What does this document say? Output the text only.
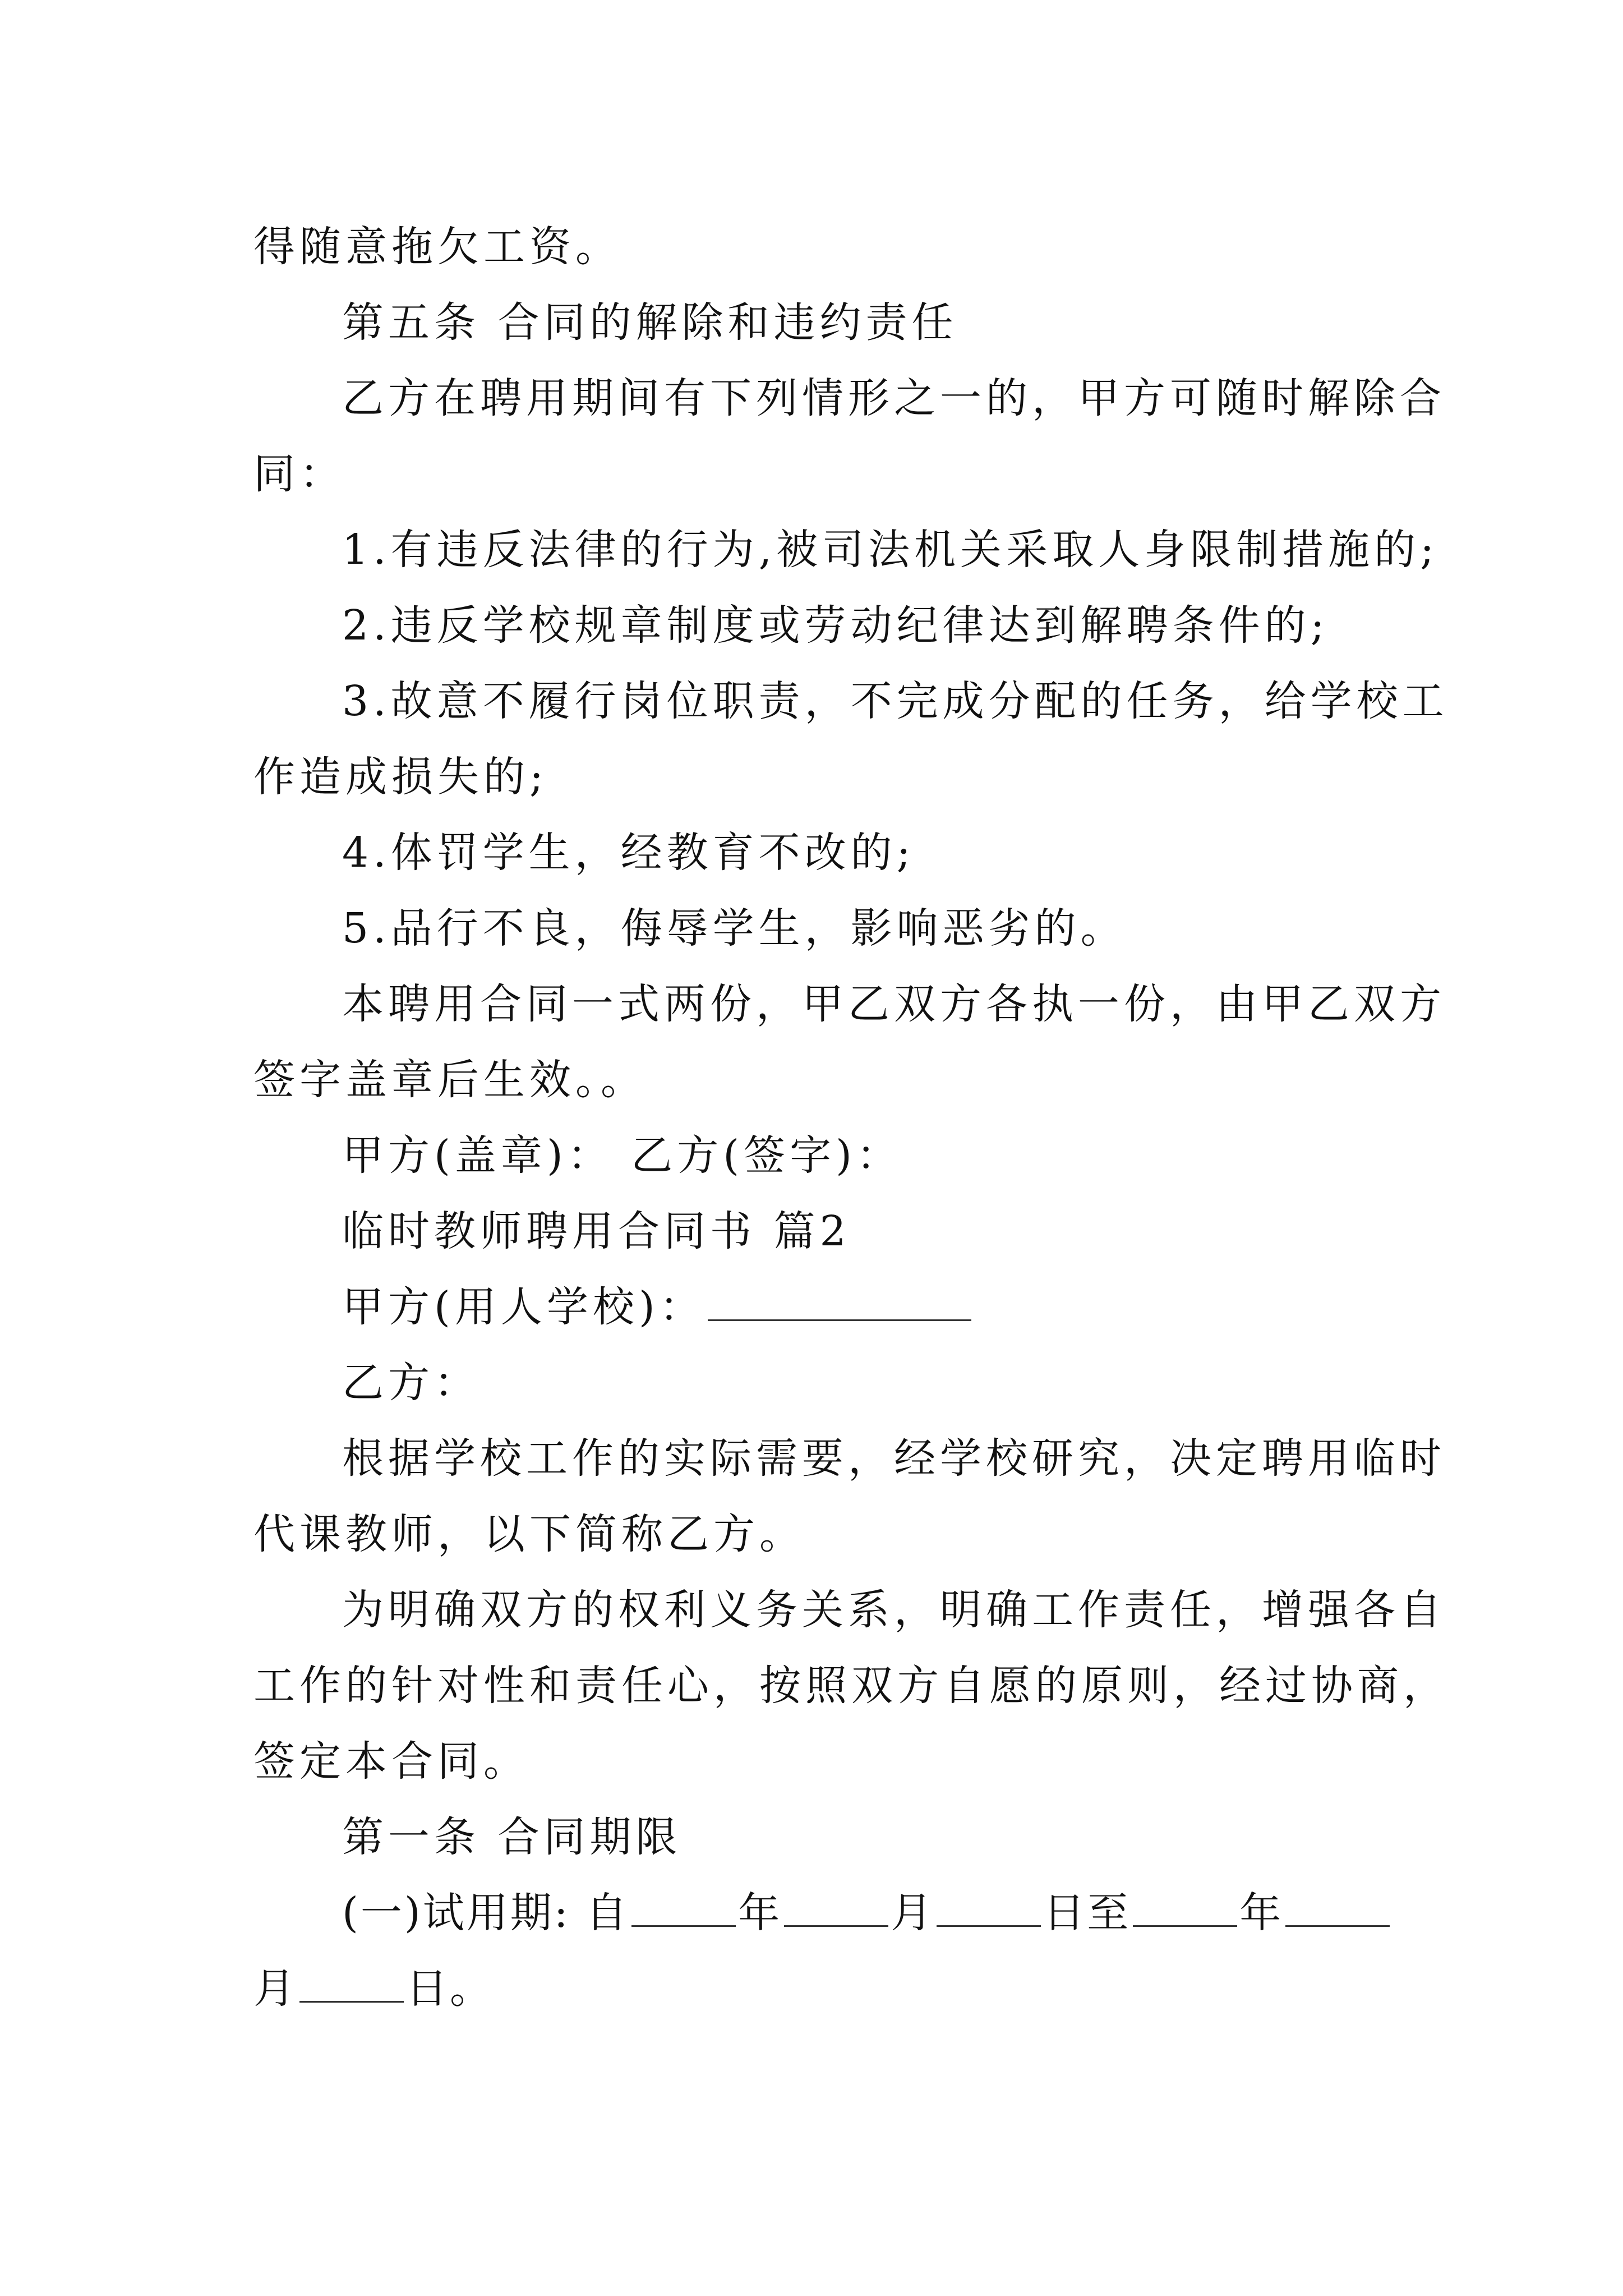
得随意拖欠工资。
第五条 合同的解除和违约责任
乙方在聘用期间有下列情形之一的，甲方可随时解除合
同：
1.有违反法律的行为,被司法机关采取人身限制措施的;
2.违反学校规章制度或劳动纪律达到解聘条件的;
3.故意不履行岗位职责，不完成分配的任务，给学校工
作造成损失的;
4.体罚学生，经教育不改的;
5.品行不良，侮辱学生，影响恶劣的。
本聘用合同一式两份，甲乙双方各执一份，由甲乙双方
签字盖章后生效。。
甲方(盖章)： 乙方(签字)：
临时教师聘用合同书 篇2
甲方(用人学校)：
乙方：
根据学校工作的实际需要，经学校研究，决定聘用临时
代课教师，以下简称乙方。
为明确双方的权利义务关系，明确工作责任，增强各自
工作的针对性和责任心，按照双方自愿的原则，经过协商，
签定本合同。
第一条 合同期限
(一)试用期: 自	年	月	日至	年
月	日。
